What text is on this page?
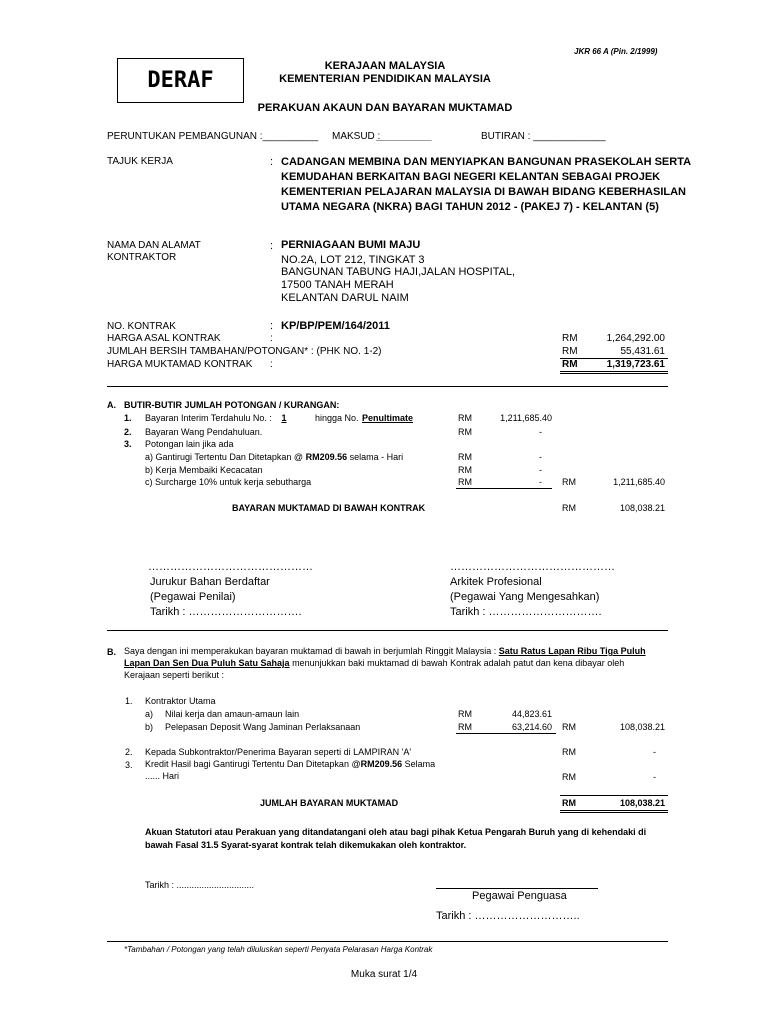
JKR 66 A (Pin. 2/1999)
DERAF
KERAJAAN MALAYSIA
KEMENTERIAN PENDIDIKAN MALAYSIA
PERAKUAN AKAUN DAN BAYARAN MUKTAMAD
PERUNTUKAN PEMBANGUNAN :__________ MAKSUD :
__________	BUTIRAN : _____________
TAJUK KERJA	: CADANGAN MEMBINA DAN MENYIAPKAN BANGUNAN PRASEKOLAH SERTA
KEMUDAHAN BERKAITAN BAGI NEGERI KELANTAN SEBAGAI PROJEK
KEMENTERIAN PELAJARAN MALAYSIA DI BAWAH BIDANG KEBERHASILAN
UTAMA NEGARA (NKRA) BAGI TAHUN 2012 - (PAKEJ 7) - KELANTAN (5)
NAMA DAN ALAMAT
KONTRAKTOR
: PERNIAGAAN BUMI MAJU
NO.2A, LOT 212, TINGKAT 3
BANGUNAN TABUNG HAJI,JALAN HOSPITAL,
17500 TANAH MERAH
KELANTAN DARUL NAIM
NO. KONTRAK	: KP/BP/PEM/164/2011
HARGA ASAL KONTRAK	:	RM	1,264,292.00
JUMLAH BERSIH TAMBAHAN/POTONGAN* : (PHK NO. 1-2)	RM	55,431.61
HARGA MUKTAMAD KONTRAK :	RM	1,319,723.61
A. BUTIR-BUTIR JUMLAH POTONGAN / KURANGAN:
1. Bayaran Interim Terdahulu No. :	1	hingga No. Penultimate	RM	1,211,685.40
2. Bayaran Wang Pendahuluan.	RM	-
3. Potongan lain jika ada
a) Gantirugi Tertentu Dan Ditetapkan @ RM209.56 selama - Hari	RM	-
b) Kerja Membaiki Kecacatan	RM	-
c) Surcharge 10% untuk kerja sebutharga	RM	- RM	1,211,685.40
BAYARAN MUKTAMAD DI BAWAH KONTRAK	RM	108,038.21
………………………………………
Jurukur Bahan Berdaftar
(Pegawai Penilai)
Tarikh : ………………………….
………………………………………
Arkitek Profesional
(Pegawai Yang Mengesahkan)
Tarikh : ………………………….
B. Saya dengan ini memperakukan bayaran muktamad di bawah in berjumlah Ringgit Malaysia : Satu Ratus Lapan Ribu Tiga Puluh
Lapan Dan Sen Dua Puluh Satu Sahaja menunjukkan baki muktamad di bawah Kontrak adalah patut dan kena dibayar oleh
Kerajaan seperti berikut :
1. Kontraktor Utama
a) Nilai kerja dan amaun-amaun lain	RM	44,823.61
b) Pelepasan Deposit Wang Jaminan Perlaksanaan	RM	63,214.60 RM	108,038.21
2. Kepada Subkontraktor/Penerima Bayaran seperti di LAMPIRAN 'A'	RM	-
3. Kredit Hasil bagi Gantirugi Tertentu Dan Ditetapkan @RM209.56 Selama
...... Hari	RM	-
JUMLAH BAYARAN MUKTAMAD	RM	108,038.21
Akuan Statutori atau Perakuan yang ditandatangani oleh atau bagi pihak Ketua Pengarah Buruh yang di kehendaki di
bawah Fasal 31.5 Syarat-syarat kontrak telah dikemukakan oleh kontraktor.
Tarikh : ...............................
Pegawai Penguasa
Tarikh : ………………………..
*Tambahan / Potongan yang telah diluluskan seperti Penyata Pelarasan Harga Kontrak
Muka surat 1/4
